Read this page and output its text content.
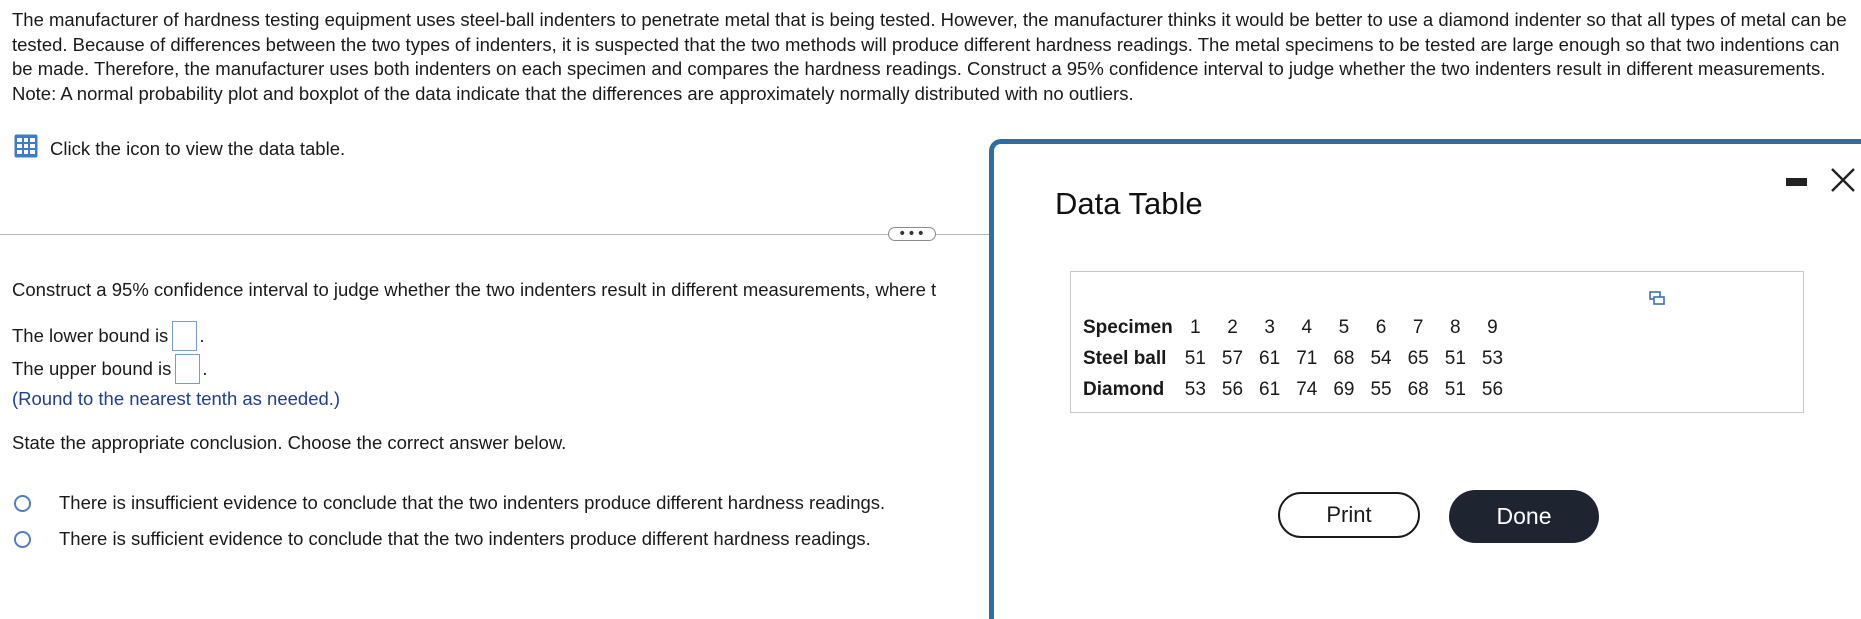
The manufacturer of hardness testing equipment uses steel-ball indenters to penetrate metal that is being tested. However, the manufacturer thinks it would be better to use a diamond indenter so that all types of metal can be tested. Because of differences between the two types of indenters, it is suspected that the two methods will produce different hardness readings. The metal specimens to be tested are large enough so that two indentions can be made. Therefore, the manufacturer uses both indenters on each specimen and compares the hardness readings. Construct a 95% confidence interval to judge whether the two indenters result in different measurements.

Note: A normal probability plot and boxplot of the data indicate that the differences are approximately normally distributed with no outliers.

Click the icon to view the data table.
•••
Construct a 95% confidence interval to judge whether the two indenters result in different measurements, where t
The lower bound is .
The upper bound is .
(Round to the nearest tenth as needed.)
State the appropriate conclusion. Choose the correct answer below.
There is insufficient evidence to conclude that the two indenters produce different hardness readings.
There is sufficient evidence to conclude that the two indenters produce different hardness readings.
Data Table
Specimen	1	2	3	4	5	6	7	8	9
Steel ball	51	57	61	71	68	54	65	51	53
Diamond	53	56	61	74	69	55	68	51	56
Print	Done
